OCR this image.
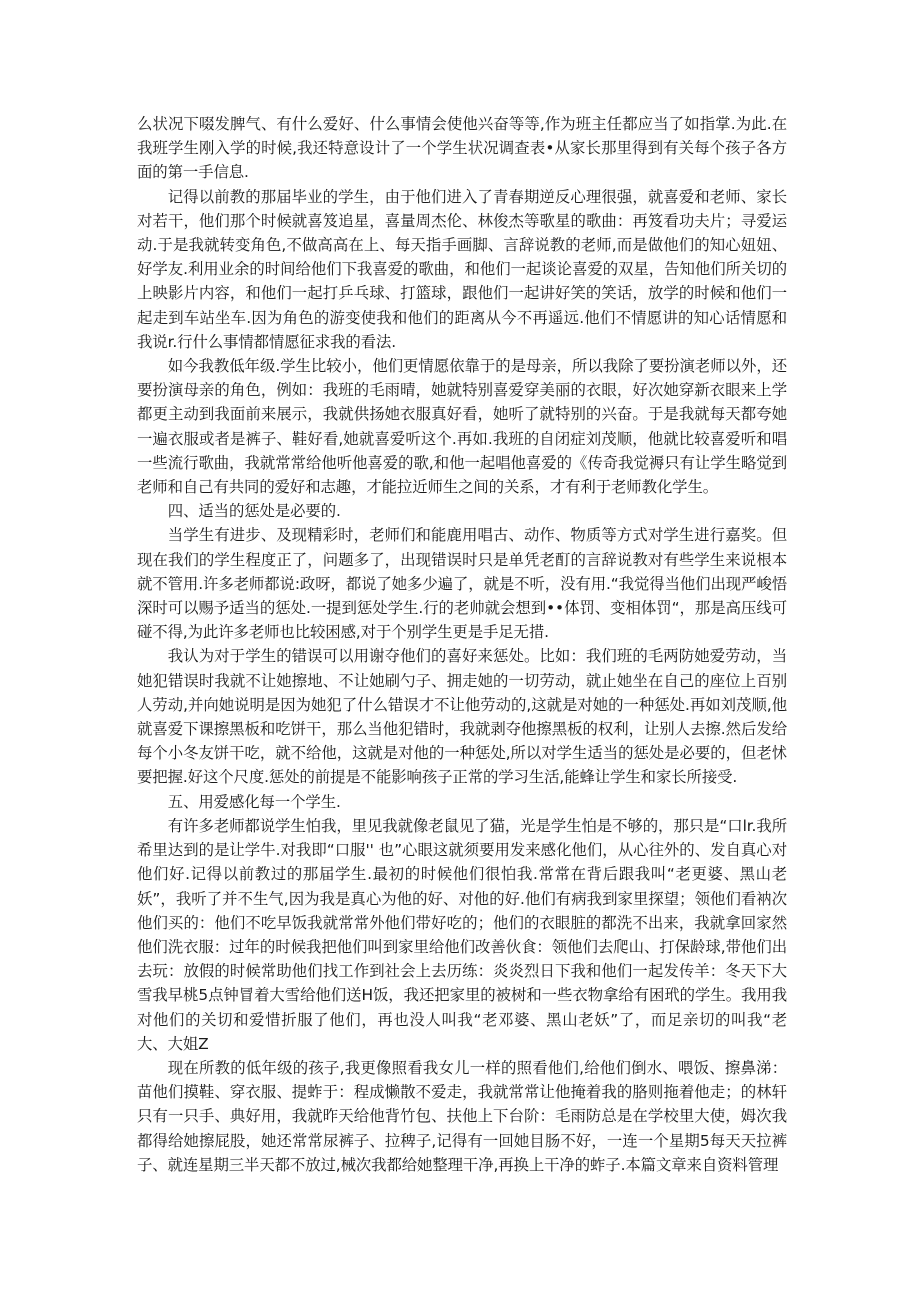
么状况下啜发脾气、有什么爱好、什么事情会使他兴奋等等,作为班主任都应当了如指掌.为此.在我班学生刚入学的时候,我还特意设计了一个学生状况调查表•从家长那里得到有关每个孩子各方面的第一手信息.

记得以前教的那届毕业的学生，由于他们进入了青春期逆反心理很强，就喜爱和老师、家长对若干，他们那个时候就喜笈追星，喜量周杰伦、林俊杰等歌星的歌曲：再笈看功夫片；寻爱运动.于是我就转变角色,不做高高在上、每天指手画脚、言辞说教的老师,而是做他们的知心妞妞、好学友.利用业余的时间给他们下我喜爱的歌曲，和他们一起谈论喜爱的双星，告知他们所关切的上映影片内容，和他们一起打乒乓球、打篮球，跟他们一起讲好笑的笑话，放学的时候和他们一起走到车站坐车.因为角色的游变使我和他们的距离从今不再遥远.他们不情愿讲的知心话情愿和我说r.行什么事情都情愿征求我的看法.

如今我教低年级.学生比较小，他们更情愿依靠于的是母亲，所以我除了要扮演老师以外，还要扮演母亲的角色，例如：我班的毛雨晴，她就特别喜爱穿美丽的衣眼，好次她穿新衣眼来上学都更主动到我面前来展示，我就供扬她衣服真好看，她听了就特别的兴奋。于是我就每天都夸她一遍衣服或者是裤子、鞋好看,她就喜爱听这个.再如.我班的自闭症刘茂顺，他就比较喜爱听和唱一些流行歌曲，我就常常给他听他喜爱的歌,和他一起唱他喜爱的《传奇我觉褥只有让学生略觉到老师和自己有共同的爱好和志趣，才能拉近师生之间的关系，才有利于老师教化学生。

四、适当的惩处是必要的.

当学生有进步、及现精彩时，老师们和能鹿用唱古、动作、物质等方式对学生进行嘉奖。但现在我们的学生程度正了，问题多了，出现错误时只是单凭老酊的言辞说教对有些学生来说根本就不管用.许多老师都说:政呀，都说了她多少遍了，就是不听，没有用.“我觉得当他们出现严峻悟深时可以赐予适当的惩处.一提到惩处学生.行的老帅就会想到••体罚、变相体罚“，那是高压线可碰不得,为此许多老师也比较困感,对于个别学生更是手足无措.

我认为对于学生的错误可以用谢夺他们的喜好来惩处。比如：我们班的毛两防她爱劳动，当她犯错误时我就不让她擦地、不让她刷勺子、拥走她的一切劳动，就止她坐在自己的座位上百别人劳动,并向她说明是因为她犯了什么错误才不让他劳动的,这就是对她的一种惩处.再如刘茂顺,他就喜爱下课擦黑板和吃饼干，那么当他犯错时，我就剥夺他擦黑板的权利，让别人去擦.然后发给每个小冬友饼干吃，就不给他，这就是对他的一种惩处,所以对学生适当的惩处是必要的，但老怵要把握.好这个尺度.惩处的前提是不能影响孩子正常的学习生活,能蜂让学生和家长所接受.

五、用爱感化每一个学生.

有许多老师都说学生怕我，里见我就像老鼠见了猫，光是学生怕是不够的，那只是“口lr.我所希里达到的是让学牛.对我即“口服'' 也”心眼这就须要用发来感化他们，从心往外的、发自真心对他们好.记得以前教过的那届学生.最初的时候他们很怕我.常常在背后跟我叫“老更婆、黑山老妖”，我听了并不生气,因为我是真心为他的好、对他的好.他们有病我到家里探望；领他们看衲次他们买的：他们不吃早饭我就常常外他们带好吃的；他们的衣眼脏的都洗不出来，我就拿回家然他们洗衣服：过年的时候我把他们叫到家里给他们改善伙食：领他们去爬山、打保龄球,带他们出去玩：放假的时候常助他们找工作到社会上去历练：炎炎烈日下我和他们一起发传羊：冬天下大雪我早桃5点钟冒着大雪给他们送H饭，我还把家里的被树和一些衣物拿给有困玳的学生。我用我对他们的关切和爱惜折服了他们，再也没人叫我“老邓婆、黑山老妖”了，而足亲切的叫我“老大、大姐Z

现在所教的低年级的孩子,我更像照看我女儿一样的照看他们,给他们倒水、喂饭、擦鼻涕：苗他们摸鞋、穿衣服、提蚱于：程成懒散不爱走，我就常常让他掩着我的胳则拖着他走；的林轩只有一只手、典好用，我就昨天给他背竹包、扶他上下台阶：毛雨防总是在学校里大使，姆次我都得给她擦屁股，她还常常尿裤子、拉稗子,记得有一回她目肠不好，一连一个星期5每天天拉裤子、就连星期三半天都不放过,械次我都给她整理干净,再换上干净的蚱子.本篇文章来自资料管理
